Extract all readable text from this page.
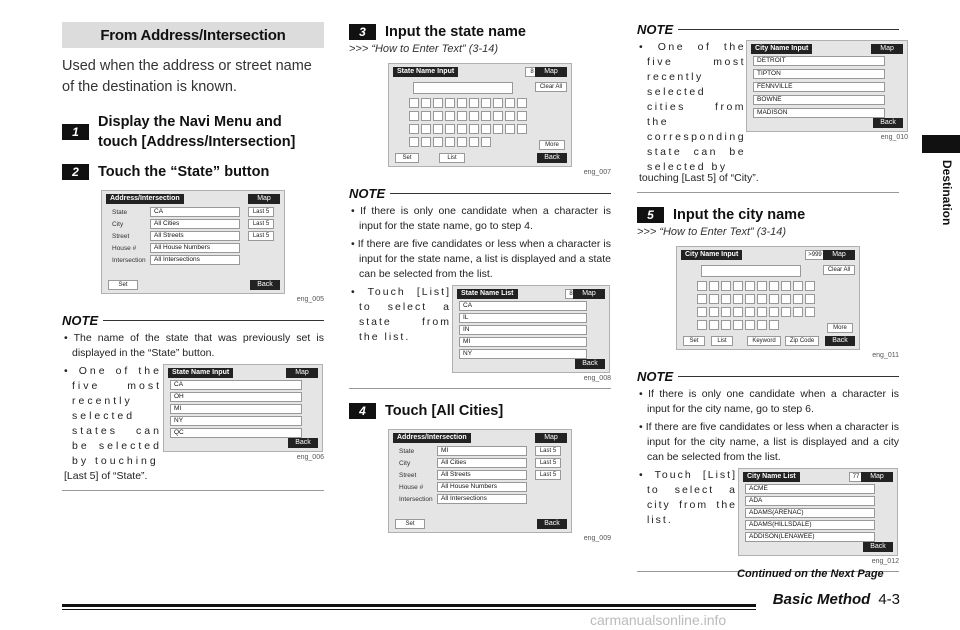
From Address/Intersection
Used when the address or street name of the destination is known.
1
Display the Navi Menu and touch [Address/Intersection]
2	Touch the “State” button
Address/Intersection	Map
State	CA	Last 5
City	All Cities	Last 5
Street	All Streets	Last 5
House #	All House Numbers
Intersection	All Intersections
Set	Back
eng_005
NOTE
• The name of the state that was previously set is displayed in the “State” button.
• One of the five most recently selected states can be selected by touching
[Last 5] of “State”.
State Name Input	Map
CA
OH
MI
NY
QC
Back
eng_006
3	Input the state name
>>> “How to Enter Text” (3-14)
State Name Input	8	Map
Clear All
Set	List
More
Back
eng_007
NOTE
• If there is only one candidate when a character is input for the state name, go to step 4.
• If there are five candidates or less when a character is input for the state name, a list is displayed and a state can be selected from the list.
• Touch [List] to select a state from the list.
State Name List	8	Map
CA
IL
IN
MI
NY
Back
eng_008
4	Touch [All Cities]
Address/Intersection	Map
State	MI	Last 5
City	All Cities	Last 5
Street	All Streets	Last 5
House #	All House Numbers
Intersection	All Intersections
Set	Back
eng_009
NOTE
• One of the five most recently selected cities from the corresponding state can be selected by
City Name Input	Map
DETROIT
TIPTON
FENNVILLE
BOWNE
MADISON
Back
eng_010
touching [Last 5] of “City”.
5	Input the city name
>>> “How to Enter Text” (3-14)
City Name Input	>999	Map
Clear All
Set	List	Keyword	Zip Code
More
Back
eng_011
NOTE
• If there is only one candidate when a character is input for the city name, go to step 6.
• If there are five candidates or less when a character is input for the city name, a list is displayed and a city can be selected from the list.
• Touch [List] to select a city from the list.
City Name List	77	Map
ACME
ADA
ADAMS(ARENAC)
ADAMS(HILLSDALE)
ADDISON(LENAWEE)
Back
eng_012
Continued on the Next Page
Destination
Basic Method 4-3
carmanualsonline.info
